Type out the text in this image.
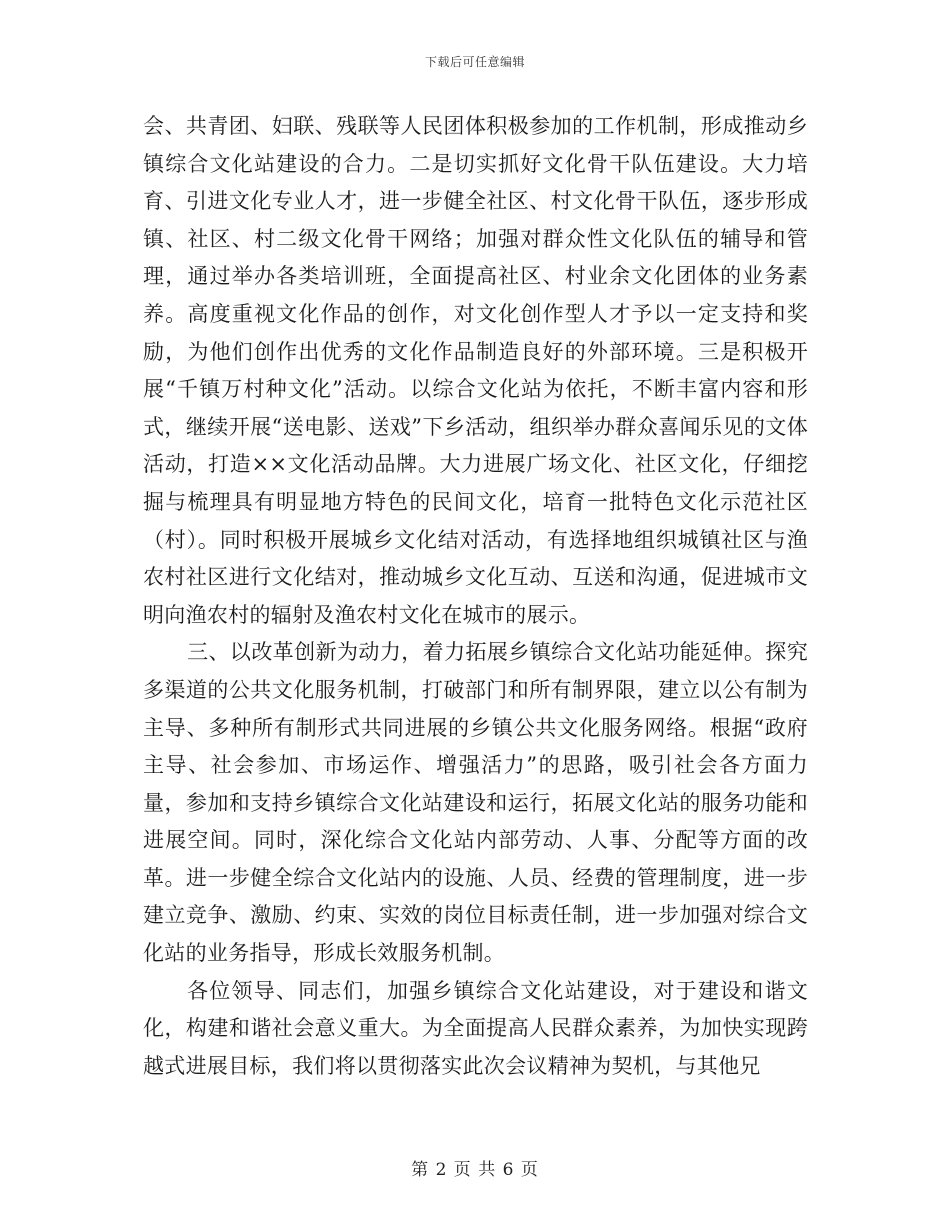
下载后可任意编辑

会、共青团、妇联、残联等人民团体积极参加的工作机制，形成推动乡镇综合文化站建设的合力。二是切实抓好文化骨干队伍建设。大力培育、引进文化专业人才，进一步健全社区、村文化骨干队伍，逐步形成镇、社区、村二级文化骨干网络；加强对群众性文化队伍的辅导和管理，通过举办各类培训班，全面提高社区、村业余文化团体的业务素养。高度重视文化作品的创作，对文化创作型人才予以一定支持和奖励，为他们创作出优秀的文化作品制造良好的外部环境。三是积极开展“千镇万村种文化”活动。以综合文化站为依托，不断丰富内容和形式，继续开展“送电影、送戏”下乡活动，组织举办群众喜闻乐见的文体活动，打造××文化活动品牌。大力进展广场文化、社区文化，仔细挖掘与梳理具有明显地方特色的民间文化，培育一批特色文化示范社区（村）。同时积极开展城乡文化结对活动，有选择地组织城镇社区与渔农村社区进行文化结对，推动城乡文化互动、互送和沟通，促进城市文明向渔农村的辐射及渔农村文化在城市的展示。

三、以改革创新为动力，着力拓展乡镇综合文化站功能延伸。探究多渠道的公共文化服务机制，打破部门和所有制界限，建立以公有制为主导、多种所有制形式共同进展的乡镇公共文化服务网络。根据“政府主导、社会参加、市场运作、增强活力”的思路，吸引社会各方面力量，参加和支持乡镇综合文化站建设和运行，拓展文化站的服务功能和进展空间。同时，深化综合文化站内部劳动、人事、分配等方面的改革。进一步健全综合文化站内的设施、人员、经费的管理制度，进一步建立竞争、激励、约束、实效的岗位目标责任制，进一步加强对综合文化站的业务指导，形成长效服务机制。

各位领导、同志们，加强乡镇综合文化站建设，对于建设和谐文化，构建和谐社会意义重大。为全面提高人民群众素养，为加快实现跨越式进展目标，我们将以贯彻落实此次会议精神为契机，与其他兄

第 2 页 共 6 页
